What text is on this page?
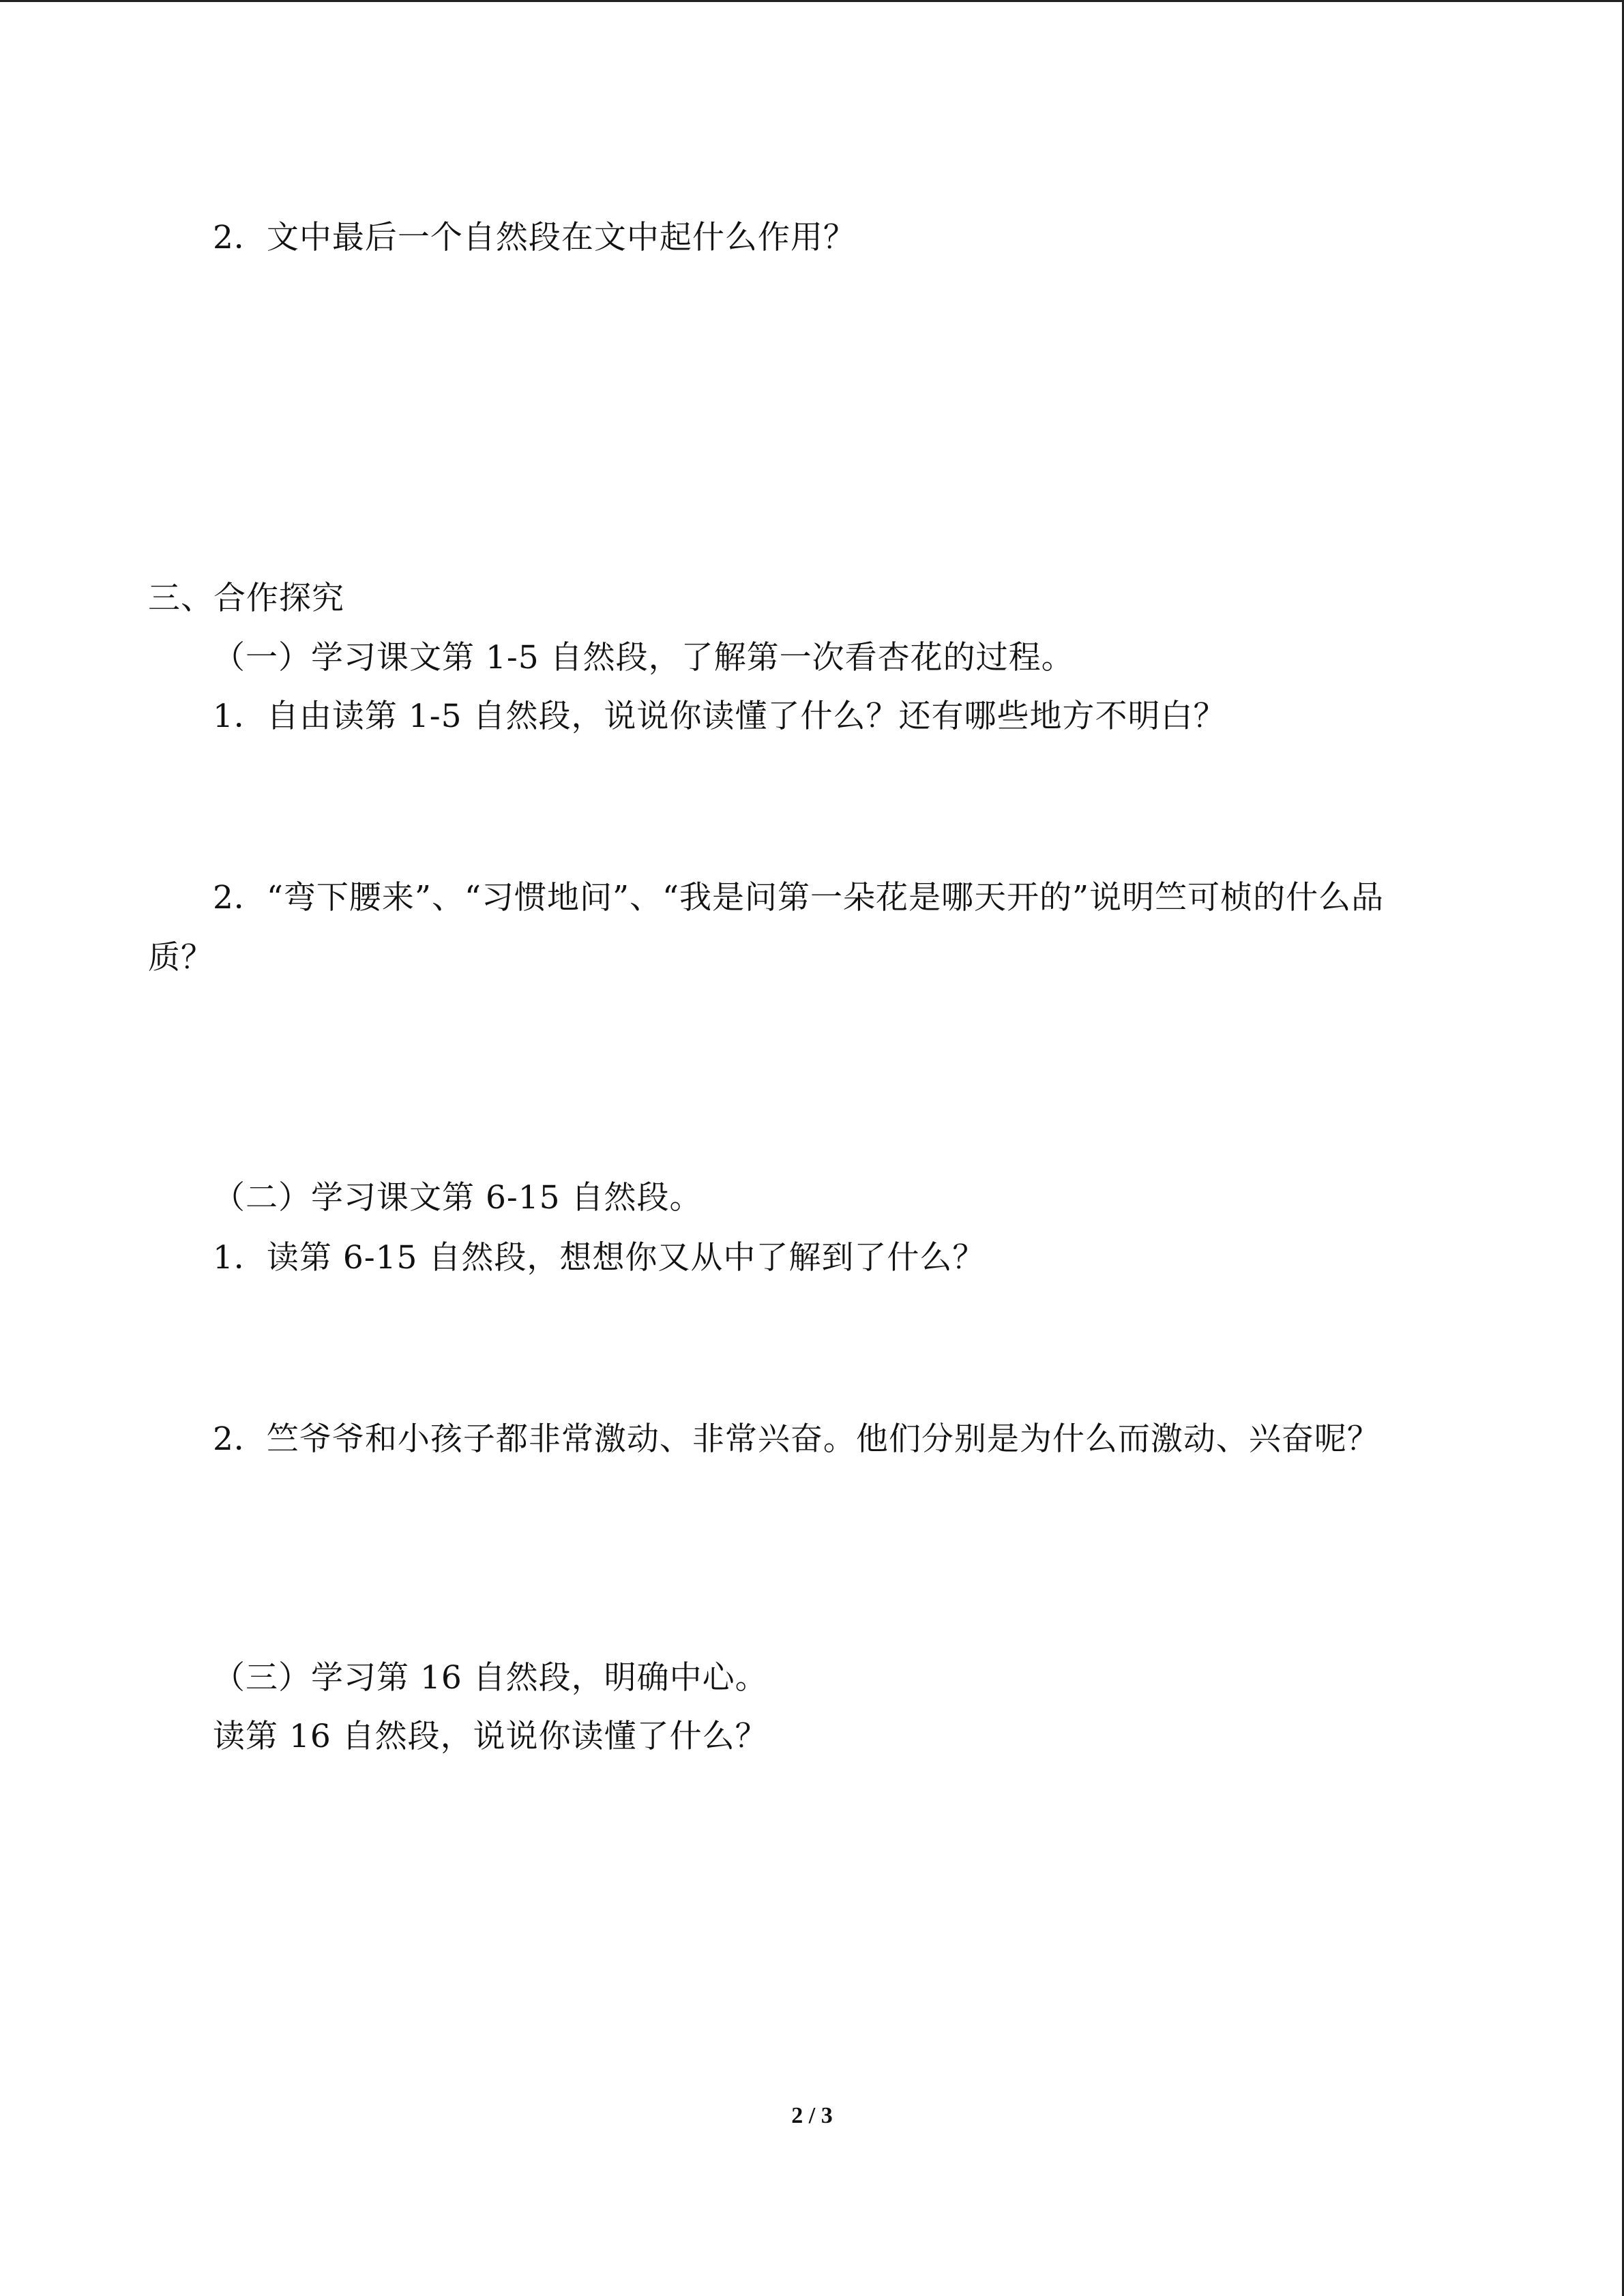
2．文中最后一个自然段在文中起什么作用？
三、合作探究
（一）学习课文第 1-5 自然段，了解第一次看杏花的过程。
1．自由读第 1-5 自然段，说说你读懂了什么？还有哪些地方不明白？
2．“弯下腰来”、“习惯地问”、“我是问第一朵花是哪天开的”说明竺可桢的什么品
质？
（二）学习课文第 6-15 自然段。
1．读第 6-15 自然段，想想你又从中了解到了什么？
2．竺爷爷和小孩子都非常激动、非常兴奋。他们分别是为什么而激动、兴奋呢？
（三）学习第 16 自然段，明确中心。
读第 16 自然段，说说你读懂了什么？
2 / 3
